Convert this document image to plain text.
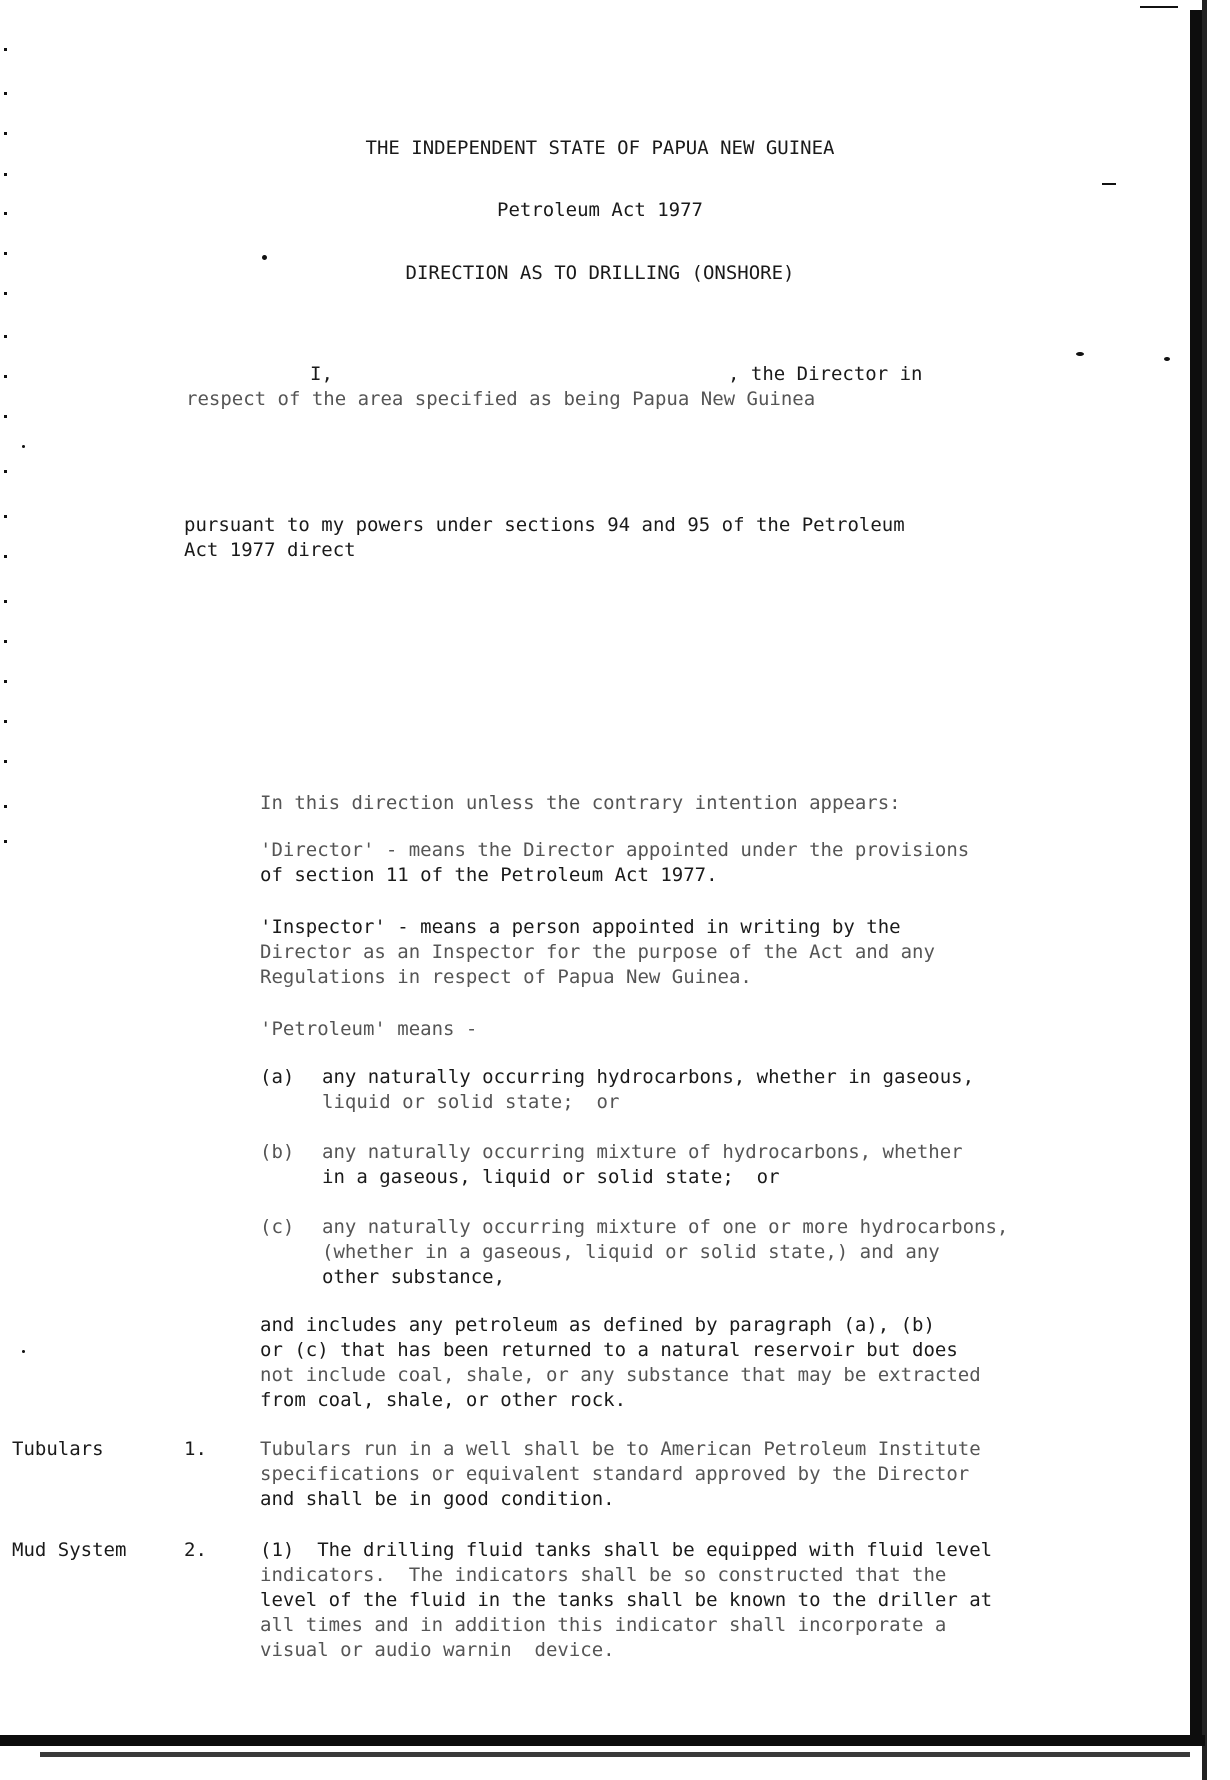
THE INDEPENDENT STATE OF PAPUA NEW GUINEA
Petroleum Act 1977
DIRECTION AS TO DRILLING (ONSHORE)
I,	, the Director in
respect of the area specified as being Papua New Guinea
pursuant to my powers under sections 94 and 95 of the Petroleum
Act 1977 direct
In this direction unless the contrary intention appears:
'Director' - means the Director appointed under the provisions
of section 11 of the Petroleum Act 1977.
'Inspector' - means a person appointed in writing by the
Director as an Inspector for the purpose of the Act and any
Regulations in respect of Papua New Guinea.
'Petroleum' means -
(a) any naturally occurring hydrocarbons, whether in gaseous,
liquid or solid state;  or
(b) any naturally occurring mixture of hydrocarbons, whether
in a gaseous, liquid or solid state;  or
(c) any naturally occurring mixture of one or more hydrocarbons,
(whether in a gaseous, liquid or solid state,) and any
other substance,
and includes any petroleum as defined by paragraph (a), (b)
or (c) that has been returned to a natural reservoir but does
not include coal, shale, or any substance that may be extracted
from coal, shale, or other rock.
Tubulars	1.	Tubulars run in a well shall be to American Petroleum Institute
specifications or equivalent standard approved by the Director
and shall be in good condition.
Mud System	2.	(1)  The drilling fluid tanks shall be equipped with fluid level
indicators.  The indicators shall be so constructed that the
level of the fluid in the tanks shall be known to the driller at
all times and in addition this indicator shall incorporate a
visual or audio warnin  device.
